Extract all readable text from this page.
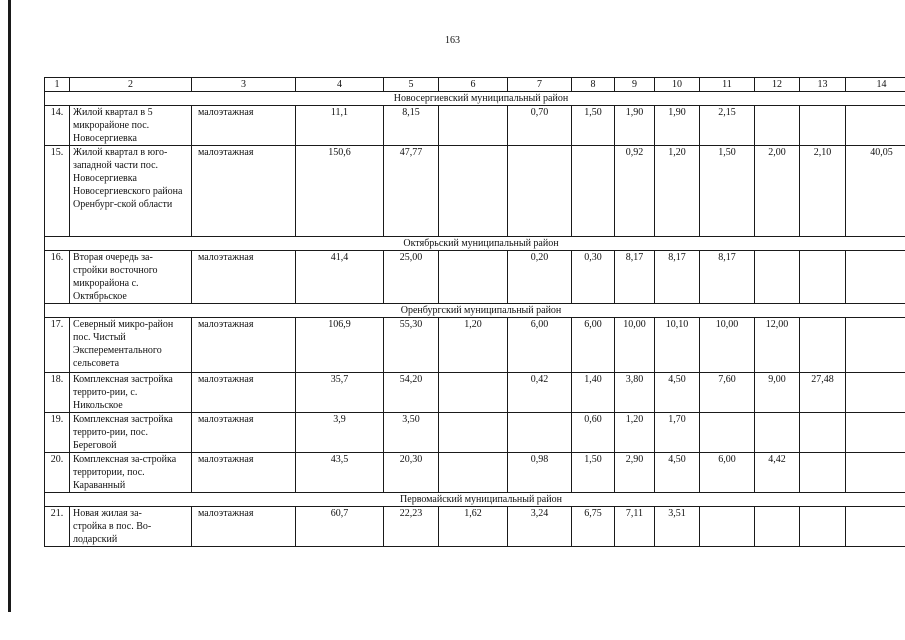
163
1	2	3	4	5	6	7	8	9	10	11	12	13	14
Новосергиевский муниципальный район													
14.	Жилой квартал в 5 микрорайоне пос. Новосергиевка	малоэтажная	11,1	8,15		0,70	1,50	1,90	1,90	2,15			
15.	Жилой квартал в юго-западной части пос. Новосергиевка Новосергиевского района Оренбург-ской области	малоэтажная	150,6	47,77				0,92	1,20	1,50	2,00	2,10	40,05
Октябрьский муниципальный район													
16.	Вторая очередь за-стройки восточного микрорайона с. Октябрьское	малоэтажная	41,4	25,00		0,20	0,30	8,17	8,17	8,17			
Оренбургский муниципальный район													
17.	Северный микро-район пос. Чистый Эксперементального сельсовета	малоэтажная	106,9	55,30	1,20	6,00	6,00	10,00	10,10	10,00	12,00		
18.	Комплексная застройка террито-рии, с. Никольское	малоэтажная	35,7	54,20		0,42	1,40	3,80	4,50	7,60	9,00	27,48	
19.	Комплексная застройка террито-рии, пос. Береговой	малоэтажная	3,9	3,50			0,60	1,20	1,70				
20.	Комплексная за-стройка территории, пос. Караванный	малоэтажная	43,5	20,30		0,98	1,50	2,90	4,50	6,00	4,42		
Первомайский муниципальный район													
21.	Новая жилая за-стройка в пос. Во-лодарский	малоэтажная	60,7	22,23	1,62	3,24	6,75	7,11	3,51				
